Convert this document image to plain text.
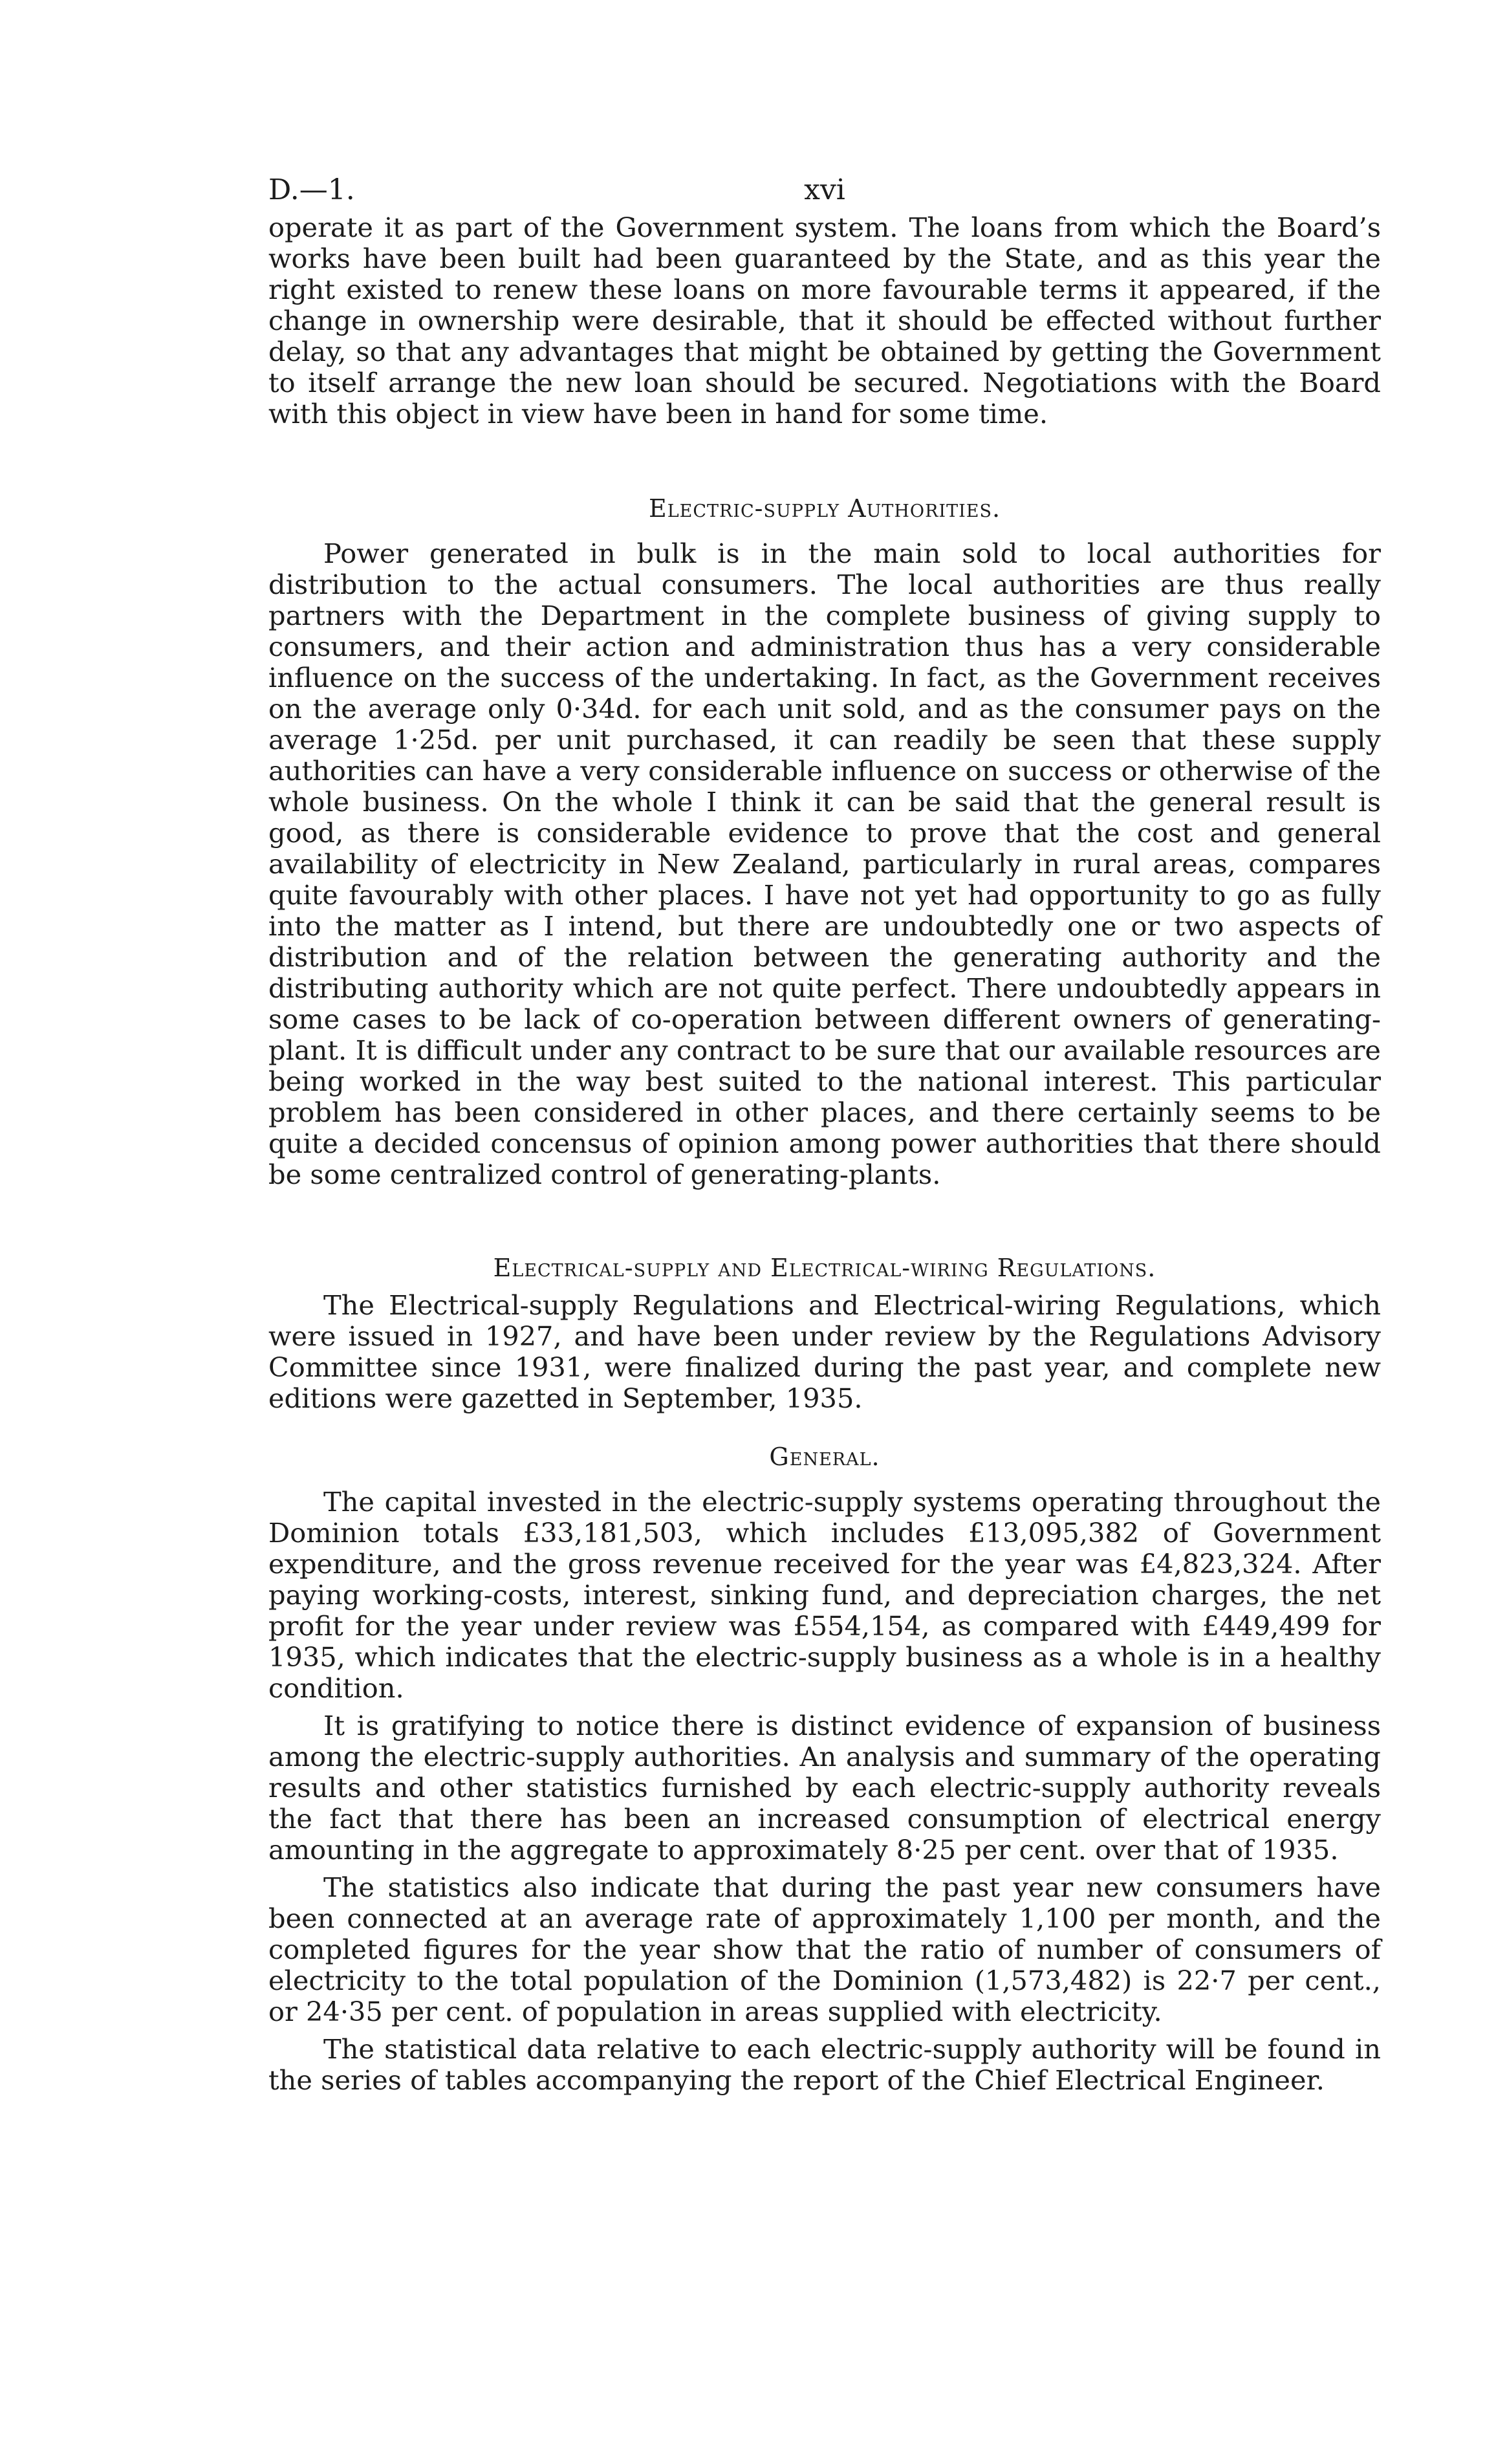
D.—1.	xvi

operate it as part of the Government system. The loans from which the Board’s works have been built had been guaranteed by the State, and as this year the right existed to renew these loans on more favourable terms it appeared, if the change in ownership were desirable, that it should be effected without further delay, so that any advantages that might be obtained by getting the Government to itself arrange the new loan should be secured. Negotiations with the Board with this object in view have been in hand for some time.

Electric-supply Authorities.

Power generated in bulk is in the main sold to local authorities for distribution to the actual consumers. The local authorities are thus really partners with the Department in the complete business of giving supply to consumers, and their action and administration thus has a very considerable influence on the success of the undertaking. In fact, as the Government receives on the average only 0·34d. for each unit sold, and as the consumer pays on the average 1·25d. per unit purchased, it can readily be seen that these supply authorities can have a very considerable influence on success or otherwise of the whole business. On the whole I think it can be said that the general result is good, as there is considerable evidence to prove that the cost and general availability of electricity in New Zealand, particularly in rural areas, compares quite favourably with other places. I have not yet had opportunity to go as fully into the matter as I intend, but there are undoubtedly one or two aspects of distribution and of the relation between the generating authority and the distributing authority which are not quite perfect. There undoubtedly appears in some cases to be lack of co-operation between different owners of generating-plant. It is difficult under any contract to be sure that our available resources are being worked in the way best suited to the national interest. This particular problem has been considered in other places, and there certainly seems to be quite a decided concensus of opinion among power authorities that there should be some centralized control of generating-plants.

Electrical-supply and Electrical-wiring Regulations.

The Electrical-supply Regulations and Electrical-wiring Regulations, which were issued in 1927, and have been under review by the Regulations Advisory Committee since 1931, were finalized during the past year, and complete new editions were gazetted in September, 1935.

General.

The capital invested in the electric-supply systems operating throughout the Dominion totals £33,181,503, which includes £13,095,382 of Government expenditure, and the gross revenue received for the year was £4,823,324. After paying working-costs, interest, sinking fund, and depreciation charges, the net profit for the year under review was £554,154, as compared with £449,499 for 1935, which indicates that the electric-supply business as a whole is in a healthy condition.

It is gratifying to notice there is distinct evidence of expansion of business among the electric-supply authorities. An analysis and summary of the operating results and other statistics furnished by each electric-supply authority reveals the fact that there has been an increased consumption of electrical energy amounting in the aggregate to approximately 8·25 per cent. over that of 1935.

The statistics also indicate that during the past year new consumers have been connected at an average rate of approximately 1,100 per month, and the completed figures for the year show that the ratio of number of consumers of electricity to the total population of the Dominion (1,573,482) is 22·7 per cent., or 24·35 per cent. of population in areas supplied with electricity.

The statistical data relative to each electric-supply authority will be found in the series of tables accompanying the report of the Chief Electrical Engineer.
